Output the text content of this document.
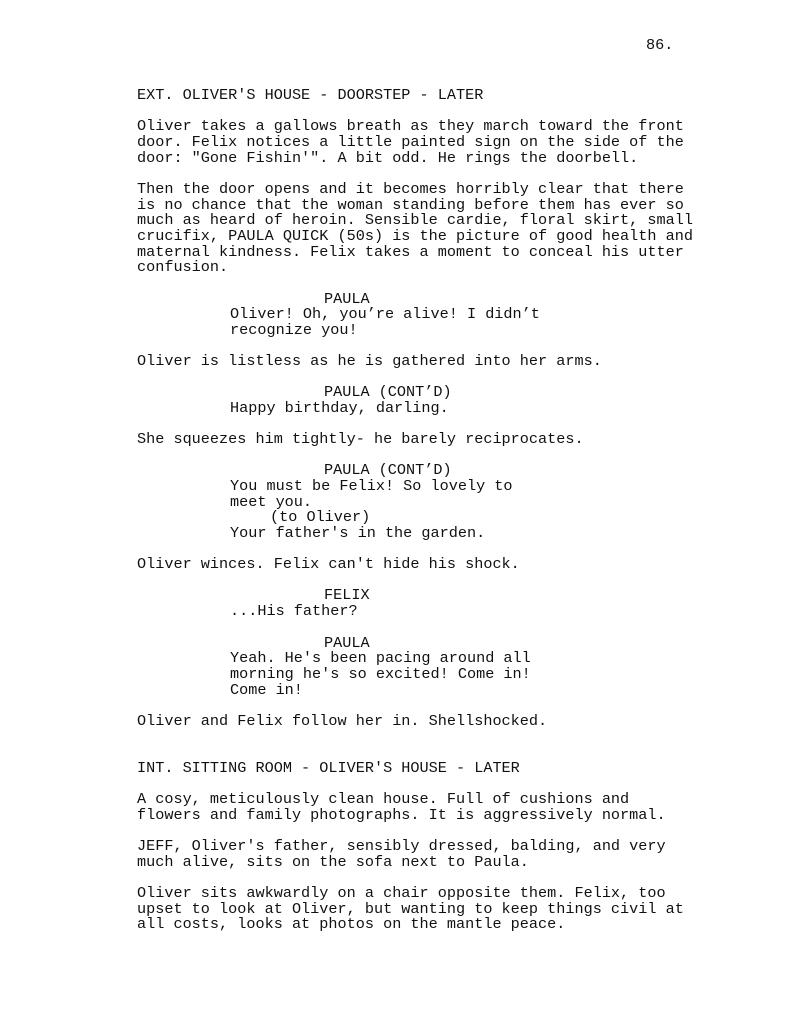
86.

EXT. OLIVER'S HOUSE - DOORSTEP - LATER

Oliver takes a gallows breath as they march toward the front

door. Felix notices a little painted sign on the side of the

door: "Gone Fishin'". A bit odd. He rings the doorbell.

Then the door opens and it becomes horribly clear that there

is no chance that the woman standing before them has ever so

much as heard of heroin. Sensible cardie, floral skirt, small

crucifix, PAULA QUICK (50s) is the picture of good health and

maternal kindness. Felix takes a moment to conceal his utter

confusion.

PAULA

Oliver! Oh, you’re alive! I didn’t

recognize you!

Oliver is listless as he is gathered into her arms.

PAULA (CONT’D)

Happy birthday, darling.

She squeezes him tightly- he barely reciprocates.

PAULA (CONT’D)

You must be Felix! So lovely to

meet you.

(to Oliver)

Your father's in the garden.

Oliver winces. Felix can't hide his shock.

FELIX

...His father?

PAULA

Yeah. He's been pacing around all

morning he's so excited! Come in!

Come in!

Oliver and Felix follow her in. Shellshocked.

INT. SITTING ROOM - OLIVER'S HOUSE - LATER

A cosy, meticulously clean house. Full of cushions and

flowers and family photographs. It is aggressively normal.

JEFF, Oliver's father, sensibly dressed, balding, and very

much alive, sits on the sofa next to Paula.

Oliver sits awkwardly on a chair opposite them. Felix, too

upset to look at Oliver, but wanting to keep things civil at

all costs, looks at photos on the mantle peace.
